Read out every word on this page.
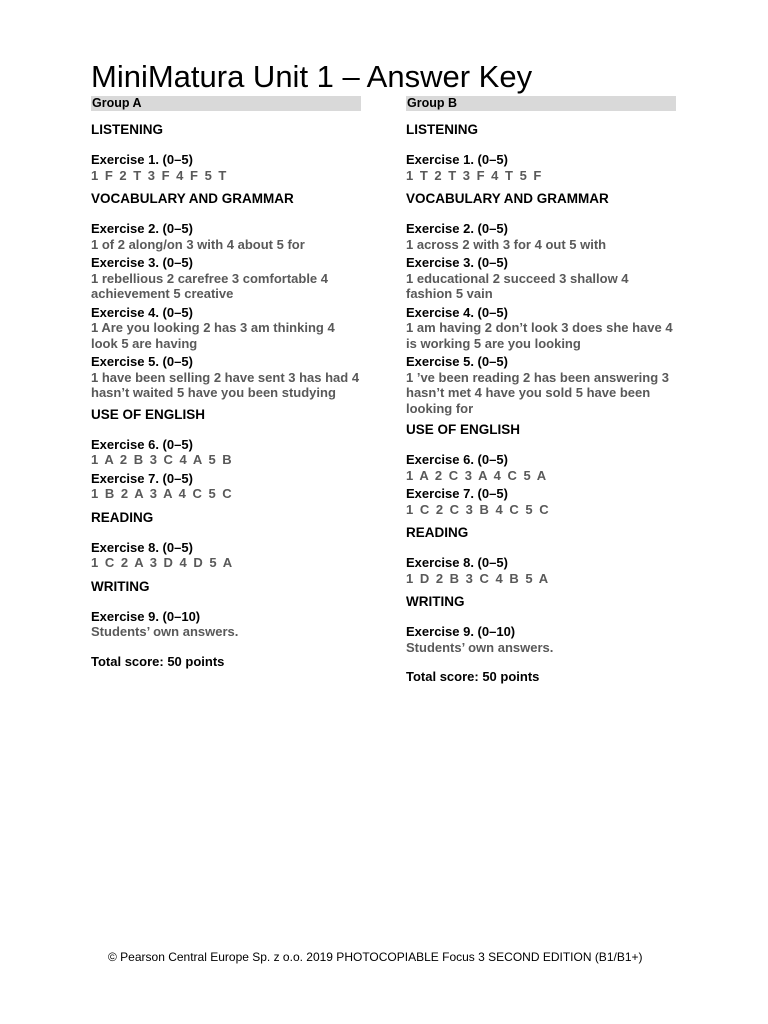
MiniMatura Unit 1 – Answer Key
Group A
LISTENING
Exercise 1. (0–5)
1 F 2 T 3 F 4 F 5 T
VOCABULARY AND GRAMMAR
Exercise 2. (0–5)
1 of 2 along/on 3 with 4 about 5 for
Exercise 3. (0–5)
1 rebellious 2 carefree 3 comfortable 4 achievement 5 creative
Exercise 4. (0–5)
1 Are you looking 2 has 3 am thinking 4 look 5 are having
Exercise 5. (0–5)
1 have been selling 2 have sent 3 has had 4 hasn’t waited 5 have you been studying
USE OF ENGLISH
Exercise 6. (0–5)
1 A 2 B 3 C 4 A 5 B
Exercise 7. (0–5)
1 B 2 A 3 A 4 C 5 C
READING
Exercise 8. (0–5)
1 C 2 A 3 D 4 D 5 A
WRITING
Exercise 9. (0–10)
Students’ own answers.
Total score: 50 points
Group B
LISTENING
Exercise 1. (0–5)
1 T 2 T 3 F 4 T 5 F
VOCABULARY AND GRAMMAR
Exercise 2. (0–5)
1 across 2 with 3 for 4 out 5 with
Exercise 3. (0–5)
1 educational 2 succeed 3 shallow 4 fashion 5 vain
Exercise 4. (0–5)
1 am having 2 don’t look 3 does she have 4 is working 5 are you looking
Exercise 5. (0–5)
1 ’ve been reading 2 has been answering 3 hasn’t met 4 have you sold 5 have been looking for
USE OF ENGLISH
Exercise 6. (0–5)
1 A 2 C 3 A 4 C 5 A
Exercise 7. (0–5)
1 C 2 C 3 B 4 C 5 C
READING
Exercise 8. (0–5)
1 D 2 B 3 C 4 B 5 A
WRITING
Exercise 9. (0–10)
Students’ own answers.
Total score: 50 points
© Pearson Central Europe Sp. z o.o. 2019 PHOTOCOPIABLE Focus 3 SECOND EDITION (B1/B1+)
